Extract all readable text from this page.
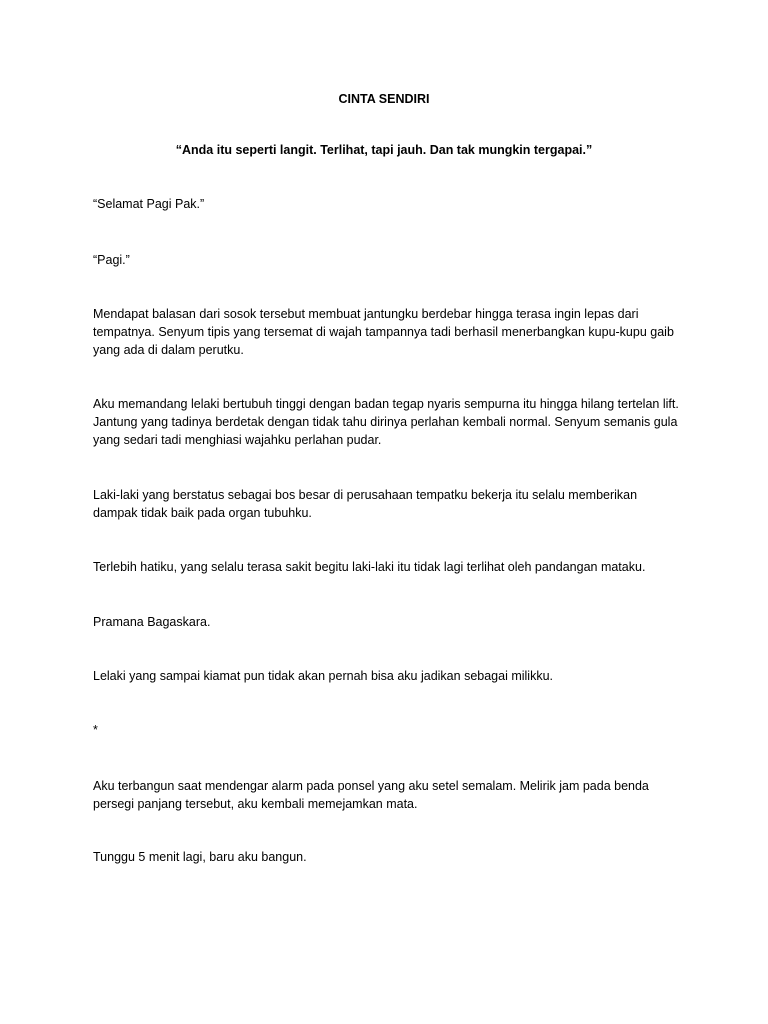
CINTA SENDIRI

“Anda itu seperti langit. Terlihat, tapi jauh. Dan tak mungkin tergapai.”

“Selamat Pagi Pak.”

“Pagi.”

Mendapat balasan dari sosok tersebut membuat jantungku berdebar hingga terasa ingin lepas dari tempatnya. Senyum tipis yang tersemat di wajah tampannya tadi berhasil menerbangkan kupu-kupu gaib yang ada di dalam perutku.

Aku memandang lelaki bertubuh tinggi dengan badan tegap nyaris sempurna itu hingga hilang tertelan lift. Jantung yang tadinya berdetak dengan tidak tahu dirinya perlahan kembali normal. Senyum semanis gula yang sedari tadi menghiasi wajahku perlahan pudar.

Laki-laki yang berstatus sebagai bos besar di perusahaan tempatku bekerja itu selalu memberikan dampak tidak baik pada organ tubuhku.

Terlebih hatiku, yang selalu terasa sakit begitu laki-laki itu tidak lagi terlihat oleh pandangan mataku.

Pramana Bagaskara.

Lelaki yang sampai kiamat pun tidak akan pernah bisa aku jadikan sebagai milikku.

*

Aku terbangun saat mendengar alarm pada ponsel yang aku setel semalam. Melirik jam pada benda persegi panjang tersebut, aku kembali memejamkan mata.

Tunggu 5 menit lagi, baru aku bangun.
